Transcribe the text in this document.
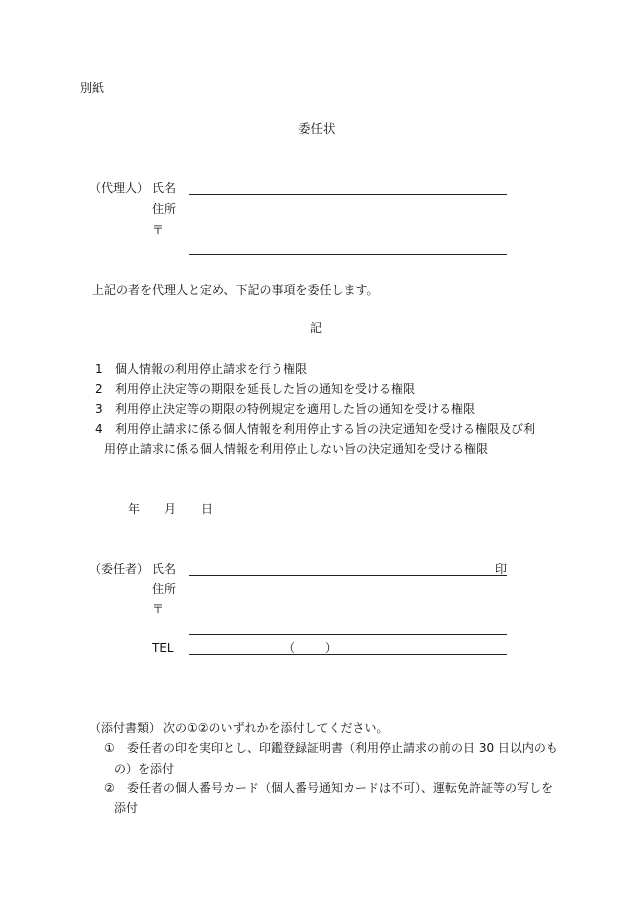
別紙
委任状
（代理人） 氏名
住所
〒
上記の者を代理人と定め、下記の事項を委任します。
記
1 個人情報の利用停止請求を行う権限
2 利用停止決定等の期限を延長した旨の通知を受ける権限
3 利用停止決定等の期限の特例規定を適用した旨の通知を受ける権限
4 利用停止請求に係る個人情報を利用停止する旨の決定通知を受ける権限及び利
用停止請求に係る個人情報を利用停止しない旨の決定通知を受ける権限
年 月 日
（委任者） 氏名	印
住所
〒
TEL	（ ）
（添付書類） 次の①②のいずれかを添付してください。
① 委任者の印を実印とし、印鑑登録証明書（利用停止請求の前の日 30 日以内のも
の）を添付
② 委任者の個人番号カード（個人番号通知カードは不可）、運転免許証等の写しを
添付
